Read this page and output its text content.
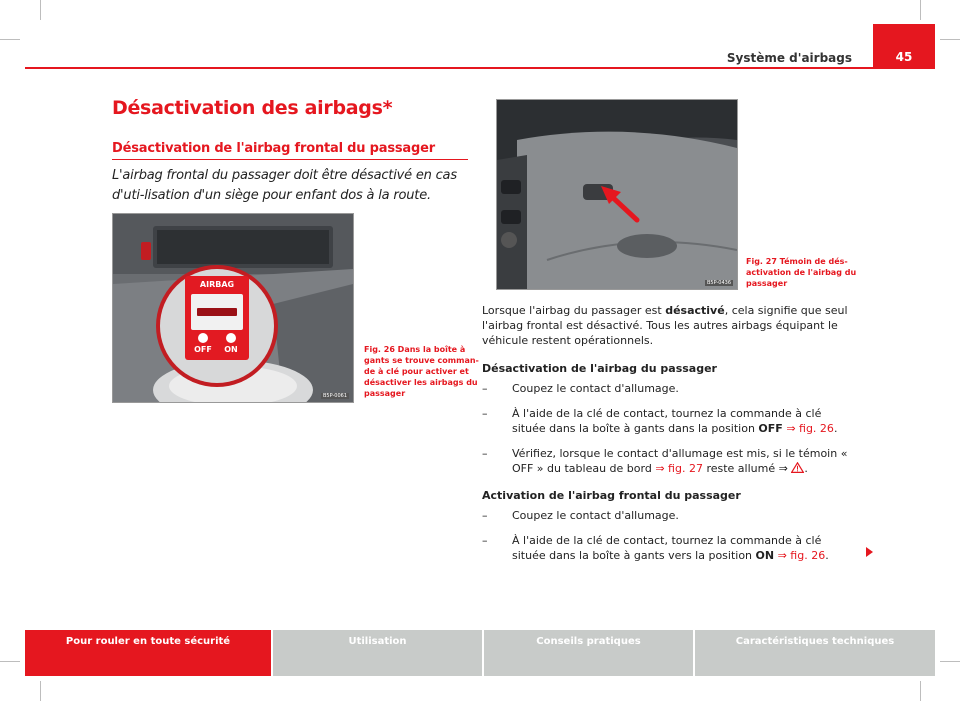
Système d'airbags	45
Désactivation des airbags*
Désactivation de l'airbag frontal du passager
L'airbag frontal du passager doit être désactivé en cas d'uti-lisation d'un siège pour enfant dos à la route.
AIRBAG
OFF	ON
B5P-0061
Fig. 26 Dans la boîte à
gants se trouve comman-
de à clé pour activer et
désactiver les airbags du
passager
B5P-0436
Fig. 27 Témoin de dés-
activation de l'airbag du
passager
Lorsque l'airbag du passager est désactivé, cela signifie que seul l'airbag frontal est désactivé. Tous les autres airbags équipant le véhicule restent opérationnels.
Désactivation de l'airbag du passager
– Coupez le contact d'allumage.
– À l'aide de la clé de contact, tournez la commande à clé située dans la boîte à gants dans la position OFF ⇒ fig. 26.
– Vérifiez, lorsque le contact d'allumage est mis, si le témoin « OFF » du tableau de bord ⇒ fig. 27 reste allumé ⇒ .
Activation de l'airbag frontal du passager
– Coupez le contact d'allumage.
– À l'aide de la clé de contact, tournez la commande à clé située dans la boîte à gants vers la position ON ⇒ fig. 26.
Pour rouler en toute sécurité	Utilisation	Conseils pratiques	Caractéristiques techniques
